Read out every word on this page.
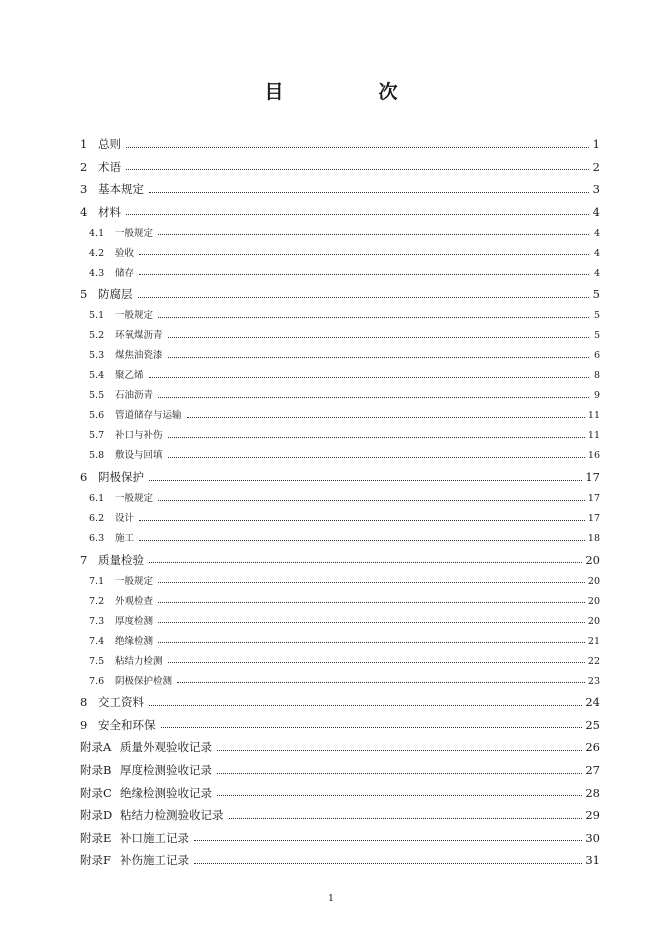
目　次
1 总则	1
2 术语	2
3 基本规定	3
4 材料	4
4.1	一般规定	4
4.2	验收	4
4.3	储存	4
5 防腐层	5
5.1	一般规定	5
5.2	环氧煤沥青	5
5.3	煤焦油瓷漆	6
5.4	聚乙烯	8
5.5	石油沥青	9
5.6	管道储存与运输	11
5.7	补口与补伤	11
5.8	敷设与回填	16
6 阴极保护	17
6.1	一般规定	17
6.2	设计	17
6.3	施工	18
7 质量检验	20
7.1	一般规定	20
7.2	外观检查	20
7.3	厚度检测	20
7.4	绝缘检测	21
7.5	粘结力检测	22
7.6	阴极保护检测	23
8 交工资料	24
9 安全和环保	25
附录A 质量外观验收记录	26
附录B 厚度检测验收记录	27
附录C 绝缘检测验收记录	28
附录D 粘结力检测验收记录	29
附录E 补口施工记录	30
附录F 补伤施工记录	31
1
